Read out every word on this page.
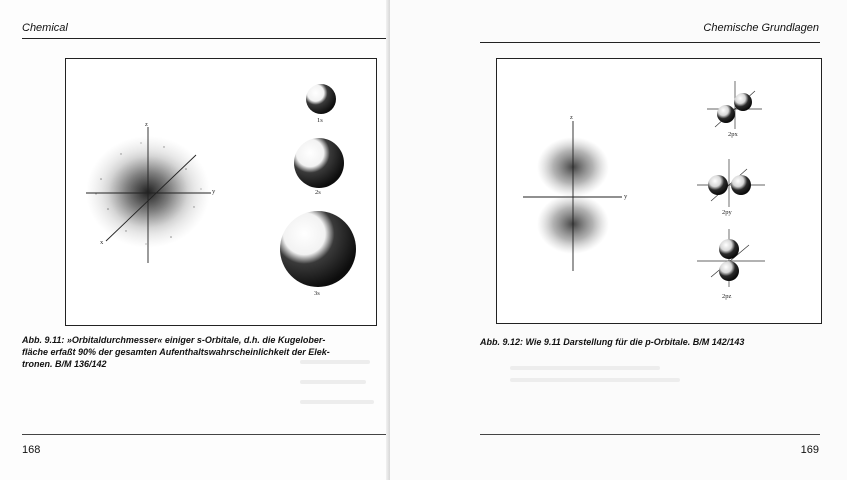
Chemical
z
y
x
1s
2s
3s
Abb. 9.11: »Orbitaldurchmesser« einiger s-Orbitale, d.h. die Kugelober-
fläche erfaßt 90% der gesamten Aufenthaltswahrscheinlichkeit der Elek-
tronen. B/M 136/142
168
Chemische Grundlagen
z
y
2px
2py
2pz
Abb. 9.12: Wie 9.11 Darstellung für die p-Orbitale. B/M 142/143
169
